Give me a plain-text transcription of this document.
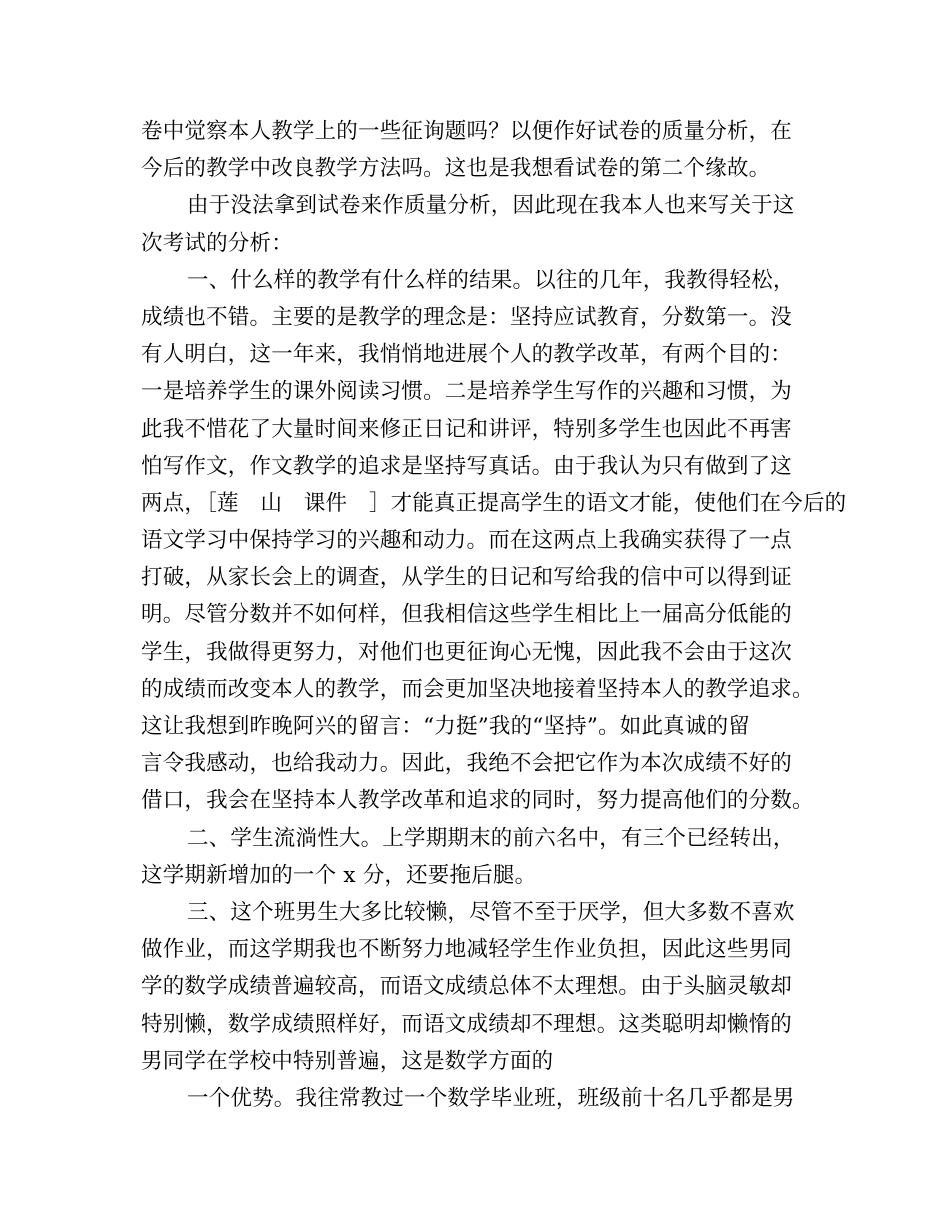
卷中觉察本人教学上的一些征询题吗？以便作好试卷的质量分析，在
今后的教学中改良教学方法吗。这也是我想看试卷的第二个缘故。
由于没法拿到试卷来作质量分析，因此现在我本人也来写关于这
次考试的分析：
一、什么样的教学有什么样的结果。以往的几年，我教得轻松，
成绩也不错。主要的是教学的理念是：坚持应试教育，分数第一。没
有人明白，这一年来，我悄悄地进展个人的教学改革，有两个目的：
一是培养学生的课外阅读习惯。二是培养学生写作的兴趣和习惯，为
此我不惜花了大量时间来修正日记和讲评，特别多学生也因此不再害
怕写作文，作文教学的追求是坚持写真话。由于我认为只有做到了这
两点，［莲　山　课件　］才能真正提高学生的语文才能，使他们在今后的
语文学习中保持学习的兴趣和动力。而在这两点上我确实获得了一点
打破，从家长会上的调查，从学生的日记和写给我的信中可以得到证
明。尽管分数并不如何样，但我相信这些学生相比上一届高分低能的
学生，我做得更努力，对他们也更征询心无愧，因此我不会由于这次
的成绩而改变本人的教学，而会更加坚决地接着坚持本人的教学追求。
这让我想到昨晚阿兴的留言：“力挺”我的“坚持”。如此真诚的留
言令我感动，也给我动力。因此，我绝不会把它作为本次成绩不好的
借口，我会在坚持本人教学改革和追求的同时，努力提高他们的分数。
二、学生流淌性大。上学期期末的前六名中，有三个已经转出，
这学期新增加的一个 x 分，还要拖后腿。
三、这个班男生大多比较懒，尽管不至于厌学，但大多数不喜欢
做作业，而这学期我也不断努力地减轻学生作业负担，因此这些男同
学的数学成绩普遍较高，而语文成绩总体不太理想。由于头脑灵敏却
特别懒，数学成绩照样好，而语文成绩却不理想。这类聪明却懒惰的
男同学在学校中特别普遍，这是数学方面的
一个优势。我往常教过一个数学毕业班，班级前十名几乎都是男
